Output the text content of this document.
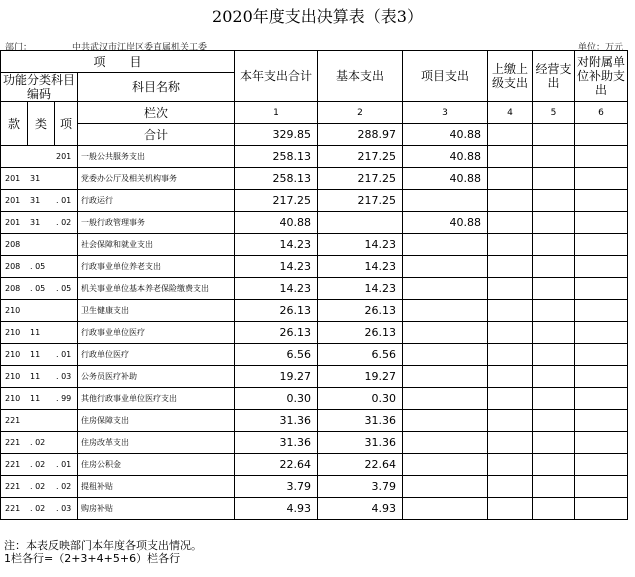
2020年度支出决算表（表3）
部门：	中共武汉市江岸区委直属机关工委	单位：万元
项　　目				本年支出合计	基本支出	项目支出	上缴上级支出	经营支出	对附属单位补助支出
功能分类科目编码			科目名称						

款	类	项	栏次	1	2	3	4	5	6
			合计	329.85	288.97	40.88			
201			一般公共服务支出	258.13	217.25	40.88			
201 31			党委办公厅及相关机构事务	258.13	217.25	40.88			
201 31 . 01			行政运行	217.25	217.25				
201 31 . 02			一般行政管理事务	40.88		40.88			
208			社会保障和就业支出	14.23	14.23				
208 . 05			行政事业单位养老支出	14.23	14.23				
208 . 05 . 05			机关事业单位基本养老保险缴费支出	14.23	14.23				
210			卫生健康支出	26.13	26.13				
210 11			行政事业单位医疗	26.13	26.13				
210 11 . 01			行政单位医疗	6.56	6.56				
210 11 . 03			公务员医疗补助	19.27	19.27				
210 11 . 99			其他行政事业单位医疗支出	0.30	0.30				
221			住房保障支出	31.36	31.36				
221 . 02			住房改革支出	31.36	31.36				
221 . 02 . 01			住房公积金	22.64	22.64				
221 . 02 . 02			提租补贴	3.79	3.79				
221 . 02 . 03			购房补贴	4.93	4.93				
注：本表反映部门本年度各项支出情况。
1栏各行=（2+3+4+5+6）栏各行
